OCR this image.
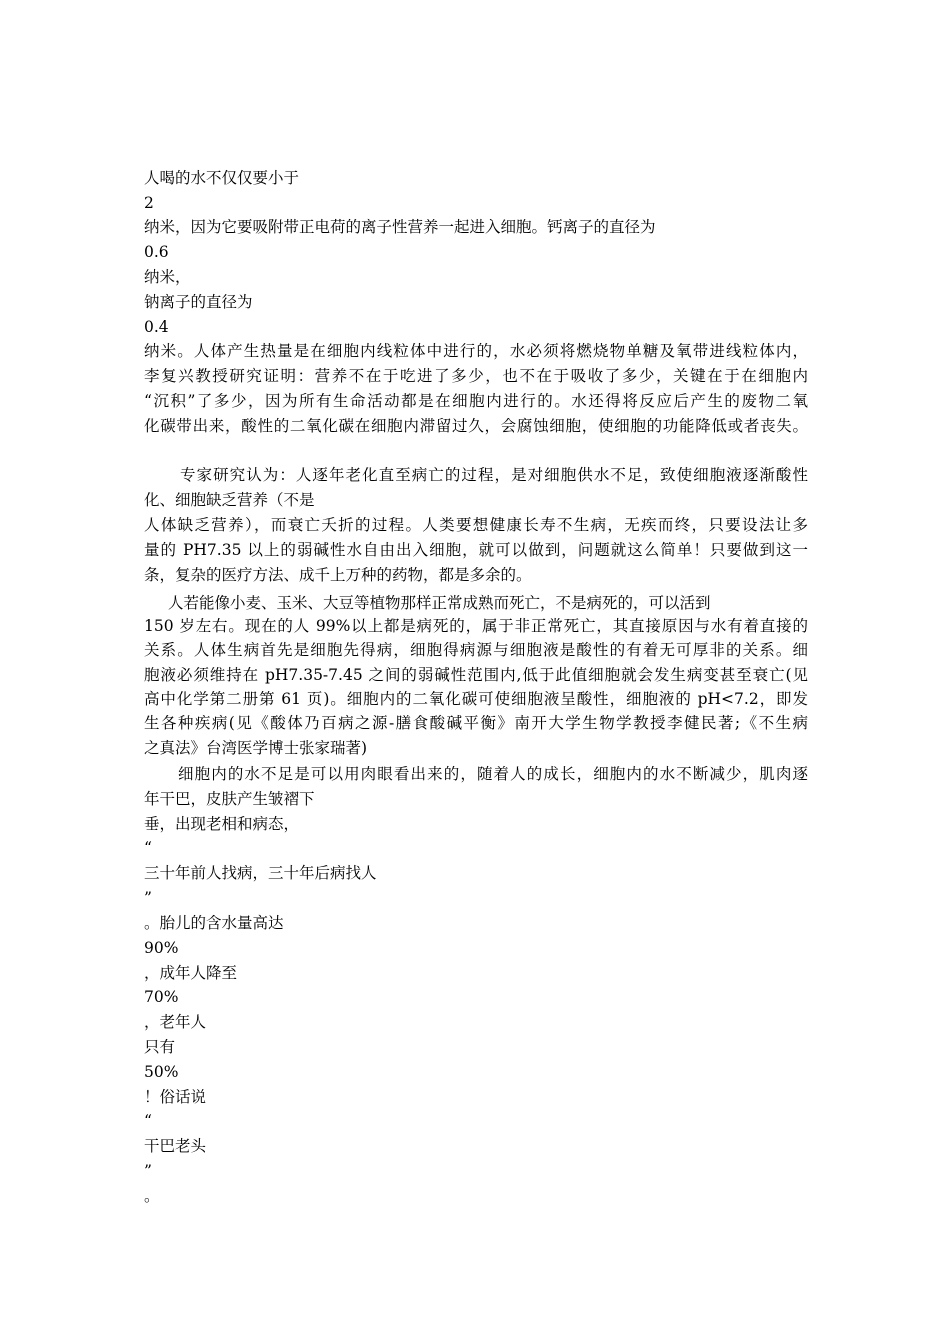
人喝的水不仅仅要小于
2
纳米，因为它要吸附带正电荷的离子性营养一起进入细胞。钙离子的直径为
0.6
纳米，
钠离子的直径为
0.4
纳米。人体产生热量是在细胞内线粒体中进行的，水必须将燃烧物单糖及氧带进线粒体内，
李复兴教授研究证明：营养不在于吃进了多少，也不在于吸收了多少，关键在于在细胞内
“沉积”了多少，因为所有生命活动都是在细胞内进行的。水还得将反应后产生的废物二氧
化碳带出来，酸性的二氧化碳在细胞内滞留过久，会腐蚀细胞，使细胞的功能降低或者丧失。
专家研究认为：人逐年老化直至病亡的过程，是对细胞供水不足，致使细胞液逐渐酸性
化、细胞缺乏营养（不是
人体缺乏营养），而衰亡夭折的过程。人类要想健康长寿不生病，无疾而终，只要设法让多
量的 PH7.35 以上的弱碱性水自由出入细胞，就可以做到，问题就这么简单！只要做到这一
条，复杂的医疗方法、成千上万种的药物，都是多余的。
人若能像小麦、玉米、大豆等植物那样正常成熟而死亡，不是病死的，可以活到
150 岁左右。现在的人 99%以上都是病死的，属于非正常死亡，其直接原因与水有着直接的
关系。人体生病首先是细胞先得病，细胞得病源与细胞液是酸性的有着无可厚非的关系。细
胞液必须维持在 pH7.35-7.45 之间的弱碱性范围内,低于此值细胞就会发生病变甚至衰亡(见
高中化学第二册第 61 页)。细胞内的二氧化碳可使细胞液呈酸性，细胞液的 pH<7.2，即发
生各种疾病(见《酸体乃百病之源-膳食酸碱平衡》南开大学生物学教授李健民著;《不生病
之真法》台湾医学博士张家瑞著)
细胞内的水不足是可以用肉眼看出来的，随着人的成长，细胞内的水不断减少，肌肉逐
年干巴，皮肤产生皱褶下
垂，出现老相和病态，
“
三十年前人找病，三十年后病找人
”
。胎儿的含水量高达
90%
，成年人降至
70%
，老年人
只有
50%
！俗话说
“
干巴老头
”
。
